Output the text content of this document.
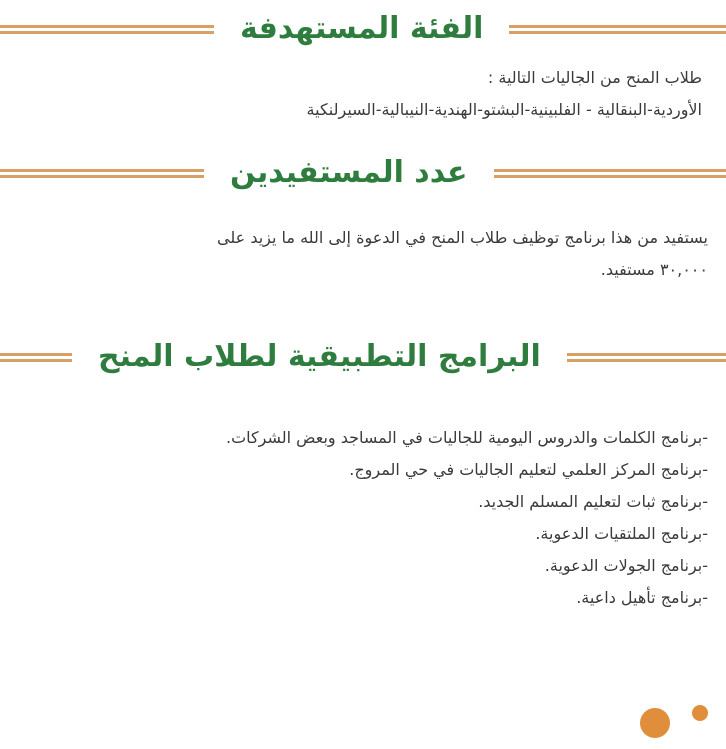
الفئة المستهدفة

طلاب المنح من الجاليات التالية :

الأوردية-البنقالية - الفلبينية-البشتو-الهندية-النيبالية-السيرلنكية

عدد المستفيدين

يستفيد من هذا برنامج توظيف طلاب المنح في الدعوة إلى الله ما يزيد على

٣٠,٠٠٠ مستفيد.

البرامج التطبيقية لطلاب المنح
-برنامج الكلمات والدروس اليومية للجاليات في المساجد وبعض الشركات.
-برنامج المركز العلمي لتعليم الجاليات في حي المروج.
-برنامج ثبات لتعليم المسلم الجديد.
-برنامج الملتقيات الدعوية.
-برنامج الجولات الدعوية.
-برنامج تأهيل داعية.
